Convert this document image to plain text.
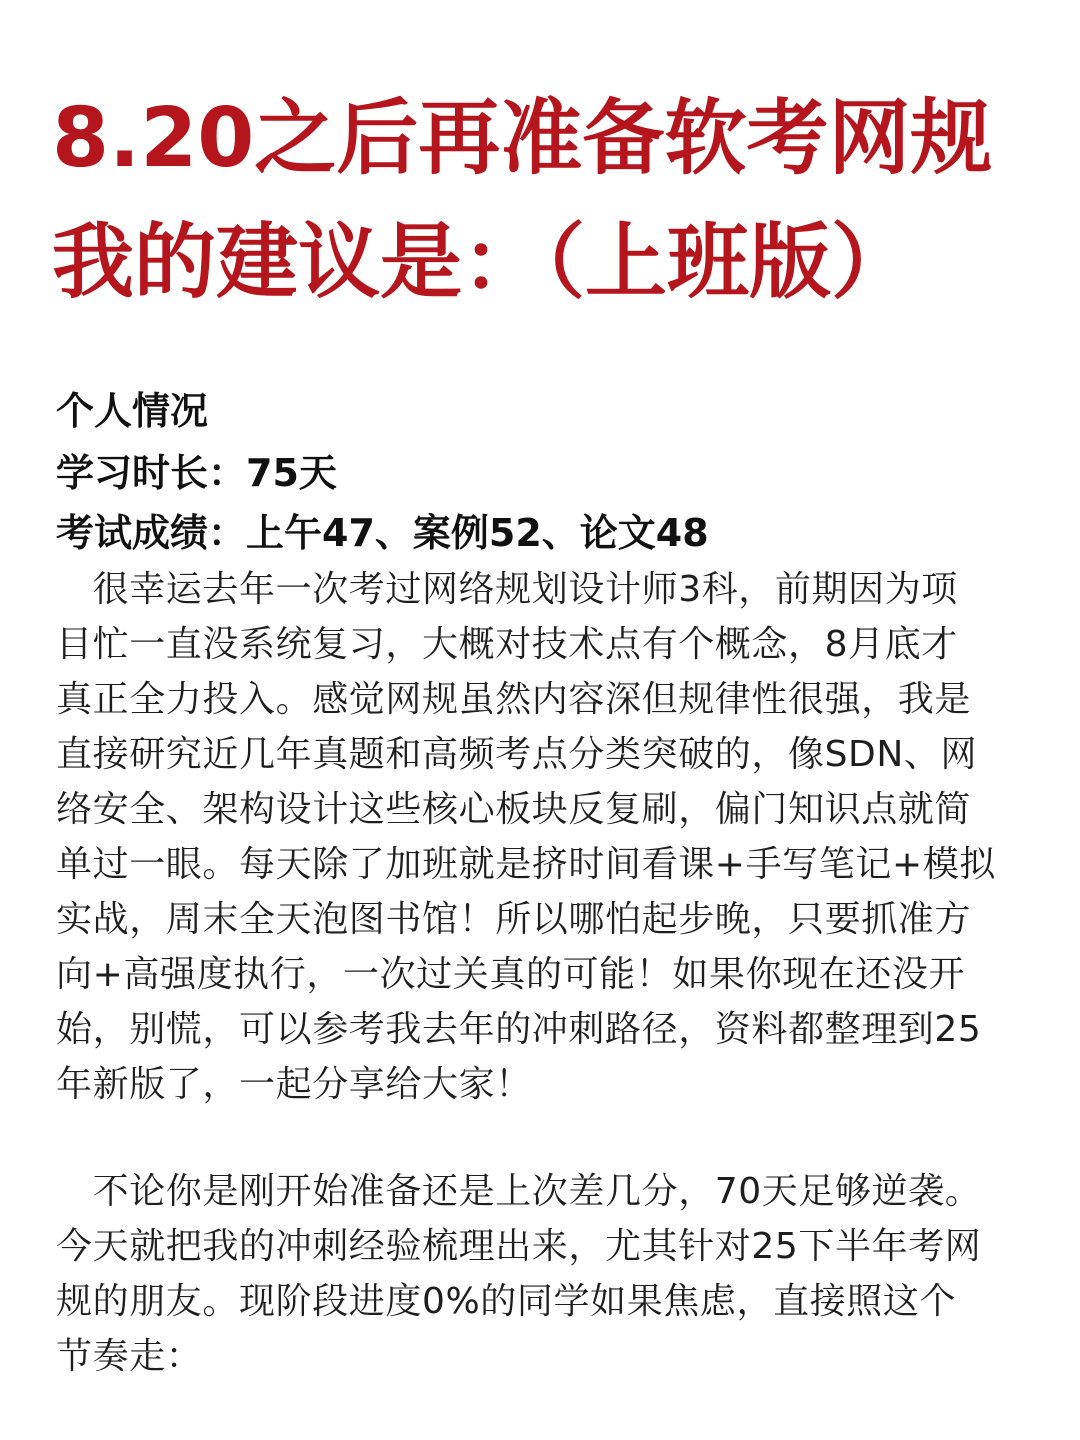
8.20之后再准备软考网规
我的建议是：（上班版）
个人情况
学习时长：75天
考试成绩：上午47、案例52、论文48
　很幸运去年一次考过网络规划设计师3科，前期因为项
目忙一直没系统复习，大概对技术点有个概念，8月底才
真正全力投入。感觉网规虽然内容深但规律性很强，我是
直接研究近几年真题和高频考点分类突破的，像SDN、网
络安全、架构设计这些核心板块反复刷，偏门知识点就简
单过一眼。每天除了加班就是挤时间看课+手写笔记+模拟
实战，周末全天泡图书馆！所以哪怕起步晚，只要抓准方
向+高强度执行，一次过关真的可能！如果你现在还没开
始，别慌，可以参考我去年的冲刺路径，资料都整理到25
年新版了，一起分享给大家！
　不论你是刚开始准备还是上次差几分，70天足够逆袭。
今天就把我的冲刺经验梳理出来，尤其针对25下半年考网
规的朋友。现阶段进度0%的同学如果焦虑，直接照这个
节奏走：
